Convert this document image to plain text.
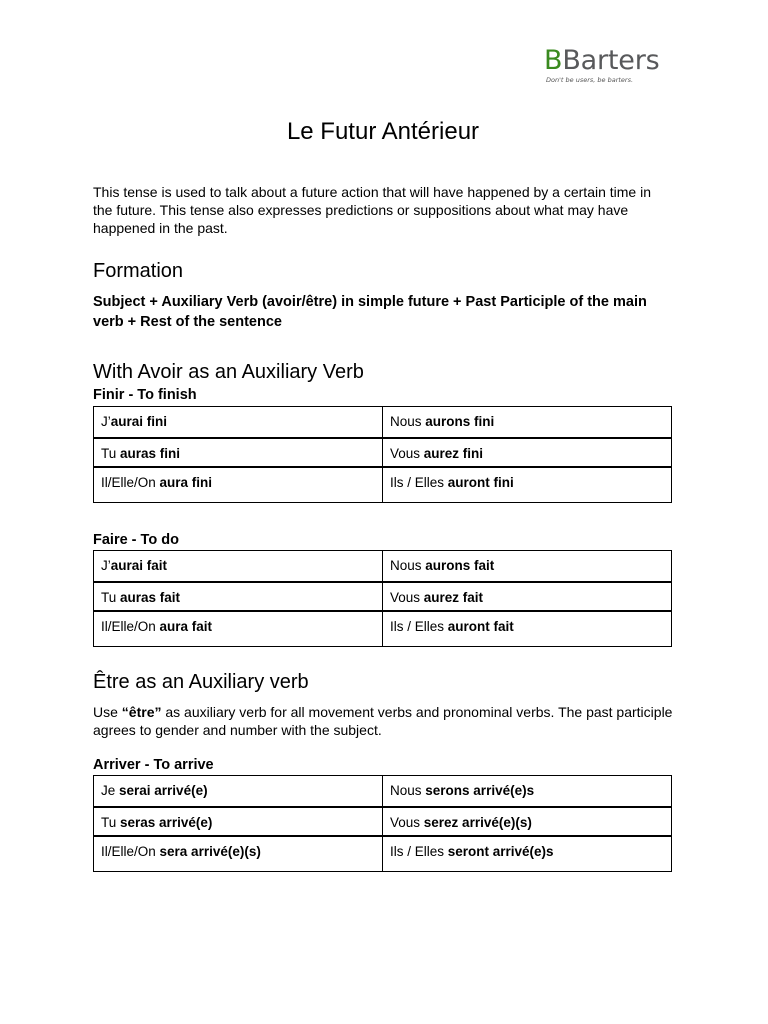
BBarters
Don't be users, be barters.
Le Futur Antérieur

This tense is used to talk about a future action that will have happened by a certain time in the future. This tense also expresses predictions or suppositions about what may have happened in the past.

Formation

Subject + Auxiliary Verb (avoir/être) in simple future + Past Participle of the main verb + Rest of the sentence

With Avoir as an Auxiliary Verb
Finir - To finish
J’aurai fini	Nous aurons fini
Tu auras fini	Vous aurez fini
Il/Elle/On aura fini	Ils / Elles auront fini
Faire - To do
J’aurai fait	Nous aurons fait
Tu auras fait	Vous aurez fait
Il/Elle/On aura fait	Ils / Elles auront fait
Être as an Auxiliary verb

Use “être” as auxiliary verb for all movement verbs and pronominal verbs. The past participle agrees to gender and number with the subject.

Arriver - To arrive
Je serai arrivé(e)	Nous serons arrivé(e)s
Tu seras arrivé(e)	Vous serez arrivé(e)(s)
Il/Elle/On sera arrivé(e)(s)	Ils / Elles seront arrivé(e)s
